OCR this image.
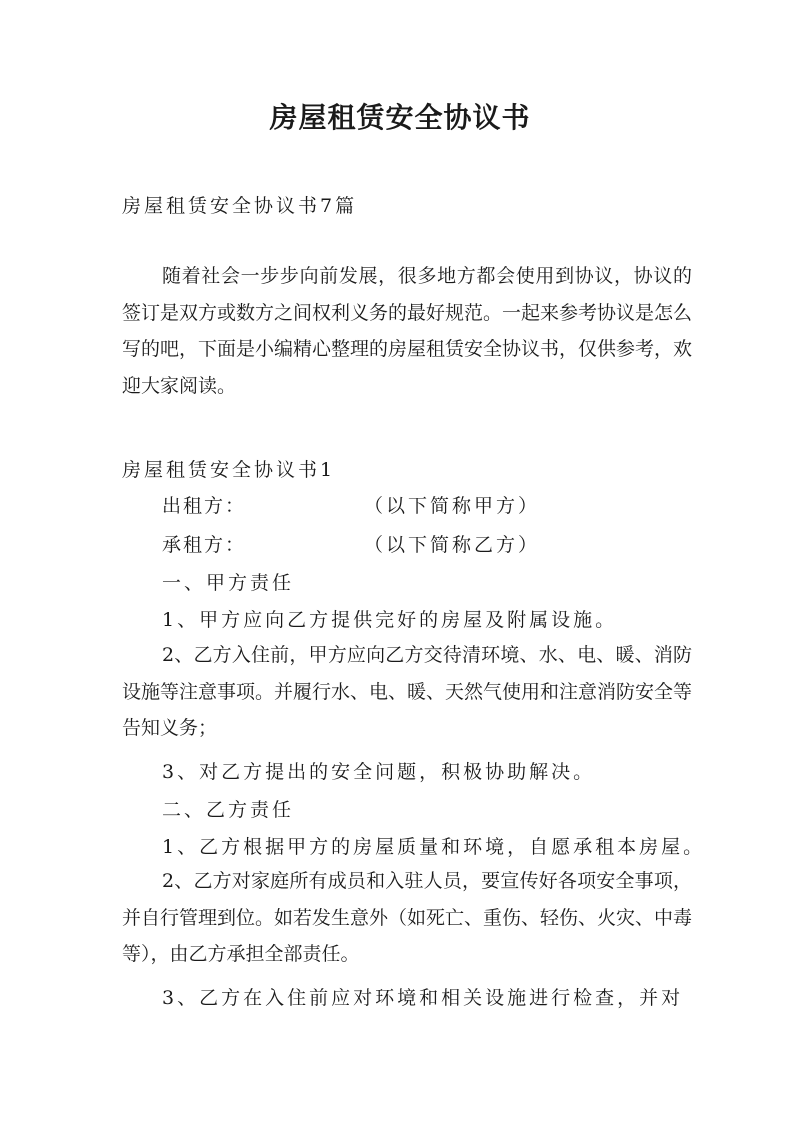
房屋租赁安全协议书

房屋租赁安全协议书7篇

随着社会一步步向前发展，很多地方都会使用到协议，协议的签订是双方或数方之间权利义务的最好规范。一起来参考协议是怎么写的吧，下面是小编精心整理的房屋租赁安全协议书，仅供参考，欢迎大家阅读。

房屋租赁安全协议书1

出租方：	（以下简称甲方）
承租方：	（以下简称乙方）

一、甲方责任

1、甲方应向乙方提供完好的房屋及附属设施。

2、乙方入住前，甲方应向乙方交待清环境、水、电、暖、消防设施等注意事项。并履行水、电、暖、天然气使用和注意消防安全等告知义务；

3、对乙方提出的安全问题，积极协助解决。

二、乙方责任

1、乙方根据甲方的房屋质量和环境，自愿承租本房屋。

2、乙方对家庭所有成员和入驻人员，要宣传好各项安全事项，并自行管理到位。如若发生意外（如死亡、重伤、轻伤、火灾、中毒等），由乙方承担全部责任。

3、乙方在入住前应对环境和相关设施进行检查，并对
